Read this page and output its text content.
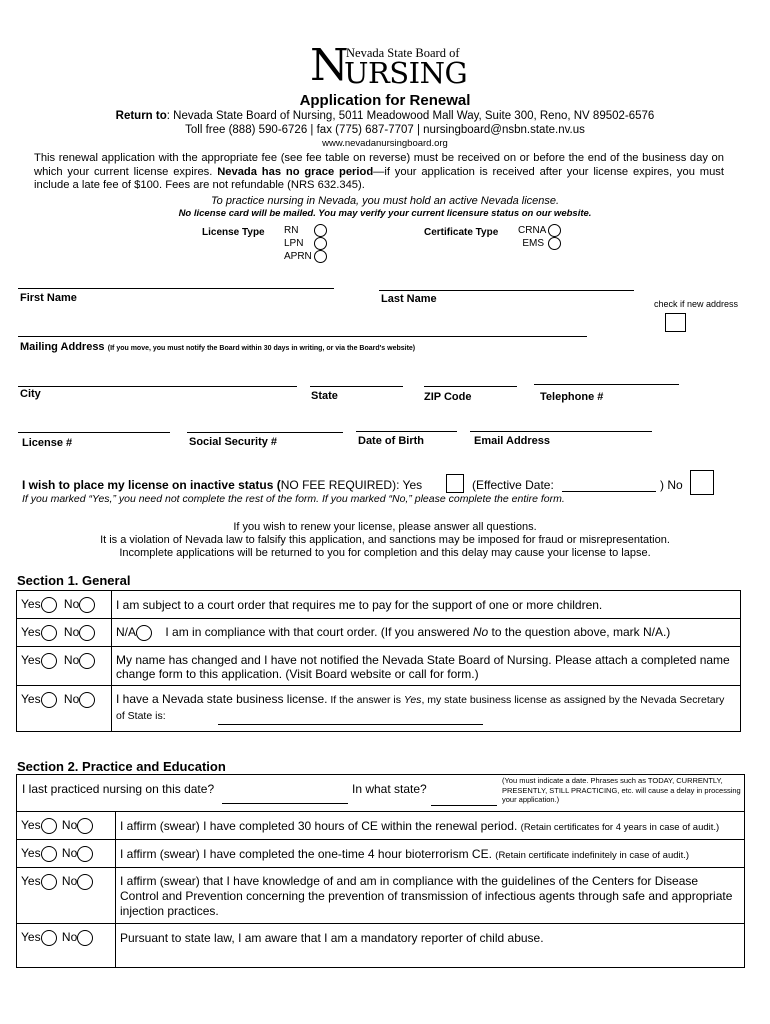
N Nevada State Board of
URSING
Application for Renewal
Return to: Nevada State Board of Nursing, 5011 Meadowood Mall Way, Suite 300, Reno, NV 89502-6576
Toll free (888) 590-6726 | fax (775) 687-7707 | nursingboard@nsbn.state.nv.us
www.nevadanursingboard.org
This renewal application with the appropriate fee (see fee table on reverse) must be received on or before the end of the business day on which your current license expires. Nevada has no grace period—if your application is received after your license expires, you must include a late fee of $100. Fees are not refundable (NRS 632.345).
To practice nursing in Nevada, you must hold an active Nevada license.
No license card will be mailed. You may verify your current licensure status on our website.
License Type RN
LPN
APRN
Certificate Type CRNA
EMS
First Name	Last Name	check if new address
Mailing Address (If you move, you must notify the Board within 30 days in writing, or via the Board's website)
City	State	ZIP Code	Telephone #
License #	Social Security #	Date of Birth	Email Address
I wish to place my license on inactive status (NO FEE REQUIRED): Yes	(Effective Date:	) No
If you marked “Yes,” you need not complete the rest of the form. If you marked “No,” please complete the entire form.
If you wish to renew your license, please answer all questions.
It is a violation of Nevada law to falsify this application, and sanctions may be imposed for fraud or misrepresentation.
Incomplete applications will be returned to you for completion and this delay may cause your license to lapse.
Section 1. General
Yes No	I am subject to a court order that requires me to pay for the support of one or more children.
Yes No	N/A I am in compliance with that court order. (If you answered No to the question above, mark N/A.)
Yes No	My name has changed and I have not notified the Nevada State Board of Nursing. Please attach a completed name change form to this application. (Visit Board website or call for form.)
Yes No	I have a Nevada state business license. If the answer is Yes, my state business license as assigned by the Nevada Secretary of State is:
Section 2. Practice and Education
I last practiced nursing on this date? In what state?
(You must indicate a date. Phrases such as TODAY, CURRENTLY, PRESENTLY, STILL PRACTICING, etc. will cause a delay in processing your application.)	

Yes No	I affirm (swear) I have completed 30 hours of CE within the renewal period. (Retain certificates for 4 years in case of audit.)
Yes No	I affirm (swear) I have completed the one-time 4 hour bioterrorism CE. (Retain certificate indefinitely in case of audit.)
Yes No	I affirm (swear) that I have knowledge of and am in compliance with the guidelines of the Centers for Disease Control and Prevention concerning the prevention of transmission of infectious agents through safe and appropriate injection practices.
Yes No	Pursuant to state law, I am aware that I am a mandatory reporter of child abuse.
